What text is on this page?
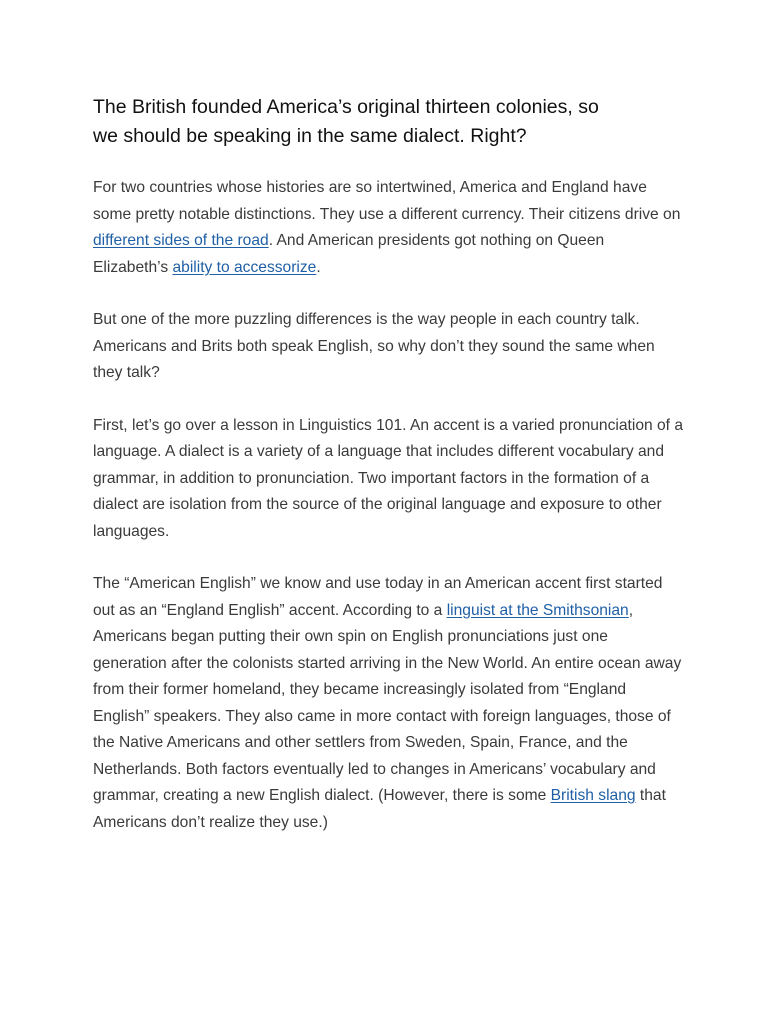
The British founded America’s original thirteen colonies, so
we should be speaking in the same dialect. Right?

For two countries whose histories are so intertwined, America and England have some pretty notable distinctions. They use a different currency. Their citizens drive on different sides of the road. And American presidents got nothing on Queen Elizabeth’s ability to accessorize.

But one of the more puzzling differences is the way people in each country talk. Americans and Brits both speak English, so why don’t they sound the same when they talk?

First, let’s go over a lesson in Linguistics 101. An accent is a varied pronunciation of a language. A dialect is a variety of a language that includes different vocabulary and grammar, in addition to pronunciation. Two important factors in the formation of a dialect are isolation from the source of the original language and exposure to other languages.

The “American English” we know and use today in an American accent first started out as an “England English” accent. According to a linguist at the Smithsonian, Americans began putting their own spin on English pronunciations just one generation after the colonists started arriving in the New World. An entire ocean away from their former homeland, they became increasingly isolated from “England English” speakers. They also came in more contact with foreign languages, those of the Native Americans and other settlers from Sweden, Spain, France, and the Netherlands. Both factors eventually led to changes in Americans’ vocabulary and grammar, creating a new English dialect. (However, there is some British slang that Americans don’t realize they use.)
